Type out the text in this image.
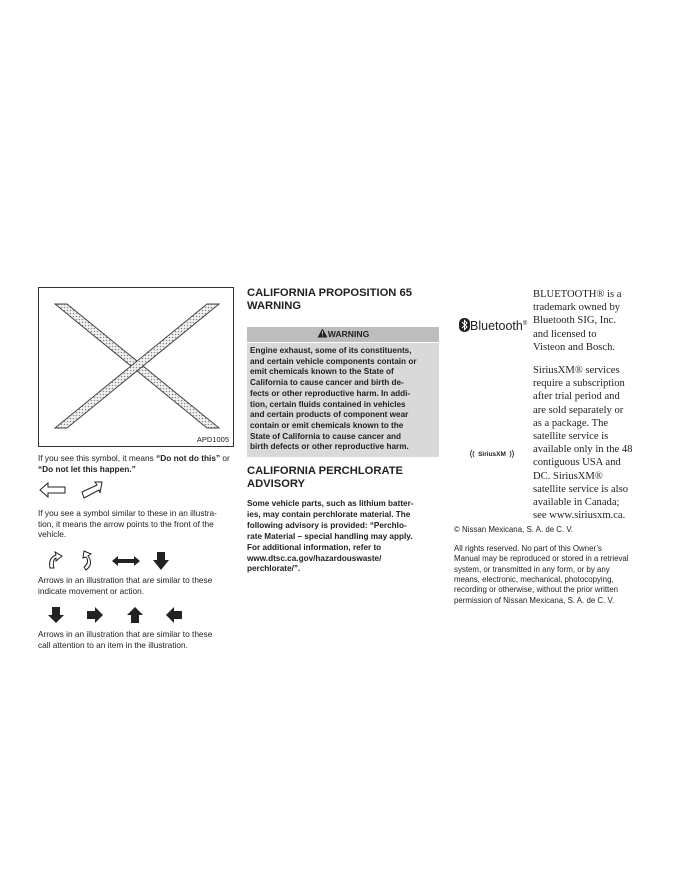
APD1005

If you see this symbol, it means “Do not do this” or “Do not let this happen.”

If you see a symbol similar to these in an illustra-
tion, it means the arrow points to the front of the
vehicle.

Arrows in an illustration that are similar to these
indicate movement or action.

Arrows in an illustration that are similar to these
call attention to an item in the illustration.

CALIFORNIA PROPOSITION 65
WARNING
WARNING
Engine exhaust, some of its constituents,
and certain vehicle components contain or
emit chemicals known to the State of
California to cause cancer and birth de-
fects or other reproductive harm. In addi-
tion, certain fluids contained in vehicles
and certain products of component wear
contain or emit chemicals known to the
State of California to cause cancer and
birth defects or other reproductive harm.
CALIFORNIA PERCHLORATE
ADVISORY

Some vehicle parts, such as lithium batter-
ies, may contain perchlorate material. The
following advisory is provided: “Perchlo-
rate Material – special handling may apply.
For additional information, refer to
www.dtsc.ca.gov/hazardouswaste/
perchlorate/”.

Bluetooth®
SiriusXM

BLUETOOTH® is a
trademark owned by
Bluetooth SIG, Inc.
and licensed to
Visteon and Bosch.

SiriusXM® services
require a subscription
after trial period and
are sold separately or
as a package. The
satellite service is
available only in the 48
contiguous USA and
DC. SiriusXM®
satellite service is also
available in Canada;
see www.siriusxm.ca.

© Nissan Mexicana, S. A. de C. V.

All rights reserved. No part of this Owner’s
Manual may be reproduced or stored in a retrieval
system, or transmitted in any form, or by any
means, electronic, mechanical, photocopying,
recording or otherwise, without the prior written
permission of Nissan Mexicana, S. A. de C. V.
